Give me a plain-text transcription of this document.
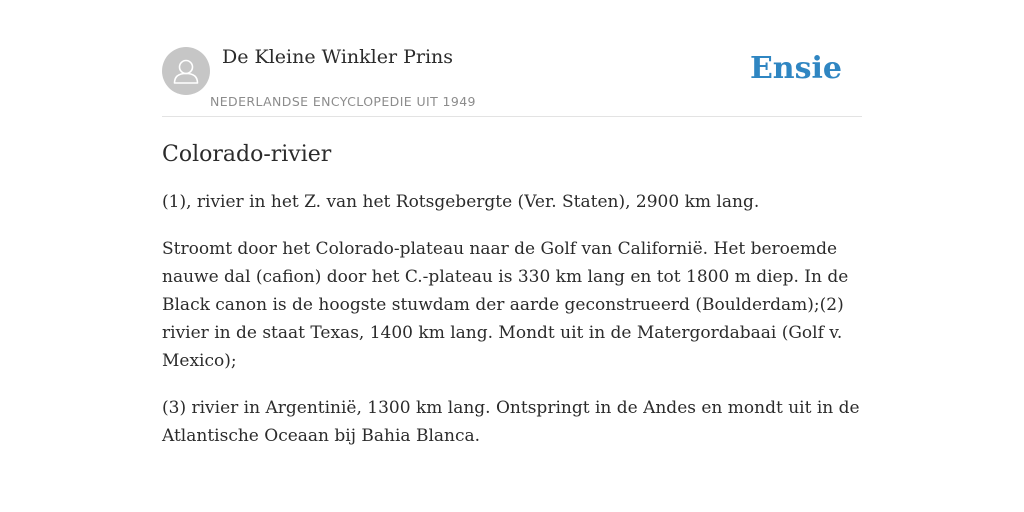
De Kleine Winkler Prins
NEDERLANDSE ENCYCLOPEDIE UIT 1949
Ensie
Colorado-rivier

(1), rivier in het Z. van het Rotsgebergte (Ver. Staten), 2900 km lang.

Stroomt door het Colorado-plateau naar de Golf van Californië. Het beroemde nauwe dal (cafion) door het C.-plateau is 330 km lang en tot 1800 m diep. In de Black canon is de hoogste stuwdam der aarde geconstrueerd (Boulderdam);(2) rivier in de staat Texas, 1400 km lang. Mondt uit in de Matergordabaai (Golf v. Mexico);

(3) rivier in Argentinië, 1300 km lang. Ontspringt in de Andes en mondt uit in de Atlantische Oceaan bij Bahia Blanca.
